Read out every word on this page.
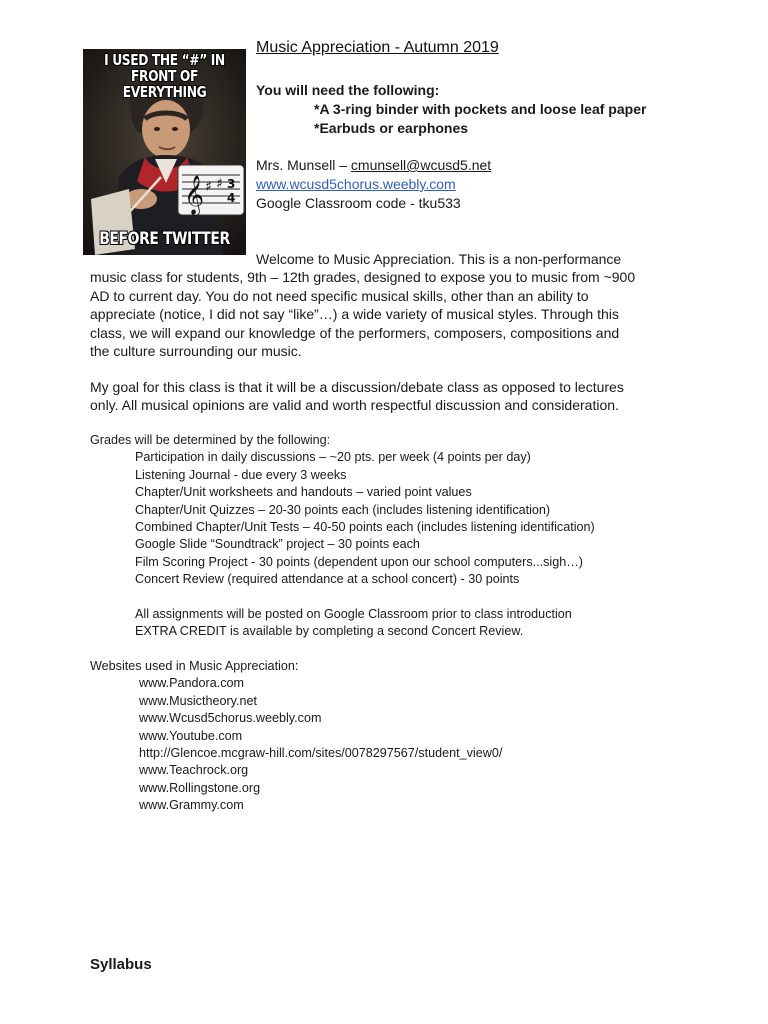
𝄞 ♯ ♯ 3
4
I USED THE “#” IN FRONT OF EVERYTHING
BEFORE TWITTER
Music Appreciation - Autumn 2019
You will need the following:
*A 3-ring binder with pockets and loose leaf paper
*Earbuds or earphones
Mrs. Munsell – cmunsell@wcusd5.net
www.wcusd5chorus.weebly.com
Google Classroom code - tku533
Welcome to Music Appreciation. This is a non-performance
music class for students, 9th – 12th grades, designed to expose you to music from ~900
AD to current day. You do not need specific musical skills, other than an ability to
appreciate (notice, I did not say “like”…) a wide variety of musical styles. Through this
class, we will expand our knowledge of the performers, composers, compositions and
the culture surrounding our music.
My goal for this class is that it will be a discussion/debate class as opposed to lectures
only. All musical opinions are valid and worth respectful discussion and consideration.
Grades will be determined by the following:
Participation in daily discussions – ~20 pts. per week (4 points per day)
Listening Journal - due every 3 weeks
Chapter/Unit worksheets and handouts – varied point values
Chapter/Unit Quizzes – 20-30 points each (includes listening identification)
Combined Chapter/Unit Tests – 40-50 points each (includes listening identification)
Google Slide “Soundtrack” project – 30 points each
Film Scoring Project - 30 points (dependent upon our school computers...sigh…)
Concert Review (required attendance at a school concert) - 30 points
All assignments will be posted on Google Classroom prior to class introduction
EXTRA CREDIT is available by completing a second Concert Review.
Websites used in Music Appreciation:
www.Pandora.com
www.Musictheory.net
www.Wcusd5chorus.weebly.com
www.Youtube.com
http://Glencoe.mcgraw-hill.com/sites/0078297567/student_view0/
www.Teachrock.org
www.Rollingstone.org
www.Grammy.com
Syllabus
